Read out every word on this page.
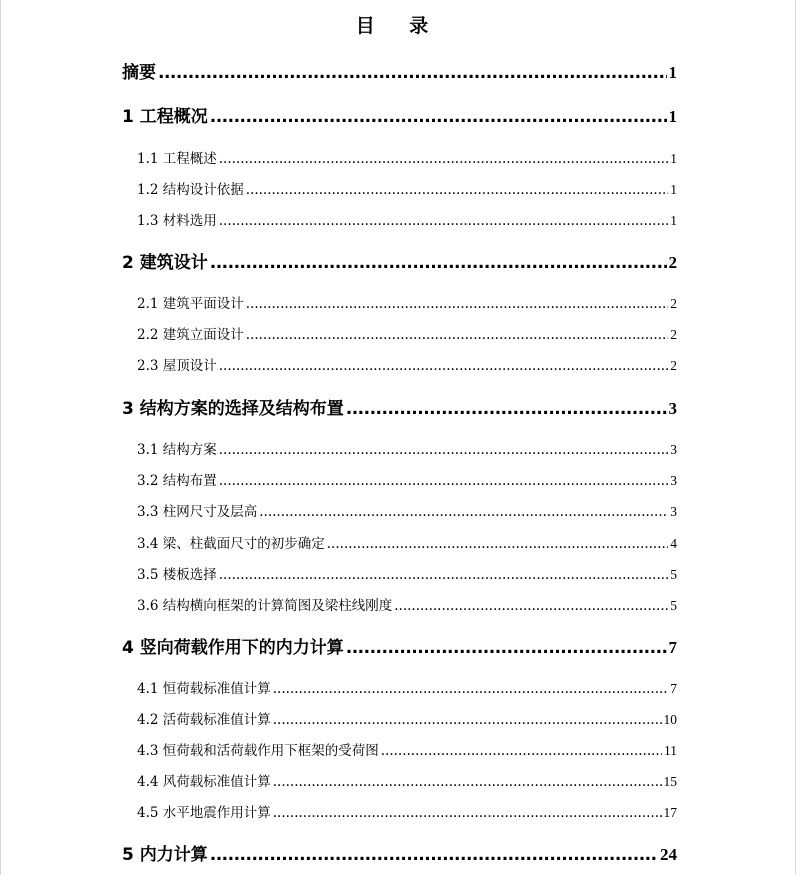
目 录
摘要 .....	1
1 工程概况 .....	1
1.1 工程概述 .....	1
1.2 结构设计依据 .....	1
1.3 材料选用 .....	1
2 建筑设计 .....	2
2.1 建筑平面设计 .....	2
2.2 建筑立面设计 .....	2
2.3 屋顶设计 .....	2
3 结构方案的选择及结构布置 .....	3
3.1 结构方案 .....	3
3.2 结构布置 .....	3
3.3 柱网尺寸及层高 .....	3
3.4 梁、柱截面尺寸的初步确定 .....	4
3.5 楼板选择 .....	5
3.6 结构横向框架的计算简图及梁柱线刚度 .....	5
4 竖向荷载作用下的内力计算 .....	7
4.1 恒荷载标准值计算 .....	7
4.2 活荷载标准值计算 .....	10
4.3 恒荷载和活荷载作用下框架的受荷图 .....	11
4.4 风荷载标准值计算 .....	15
4.5 水平地震作用计算 .....	17
5 内力计算 .....	24
